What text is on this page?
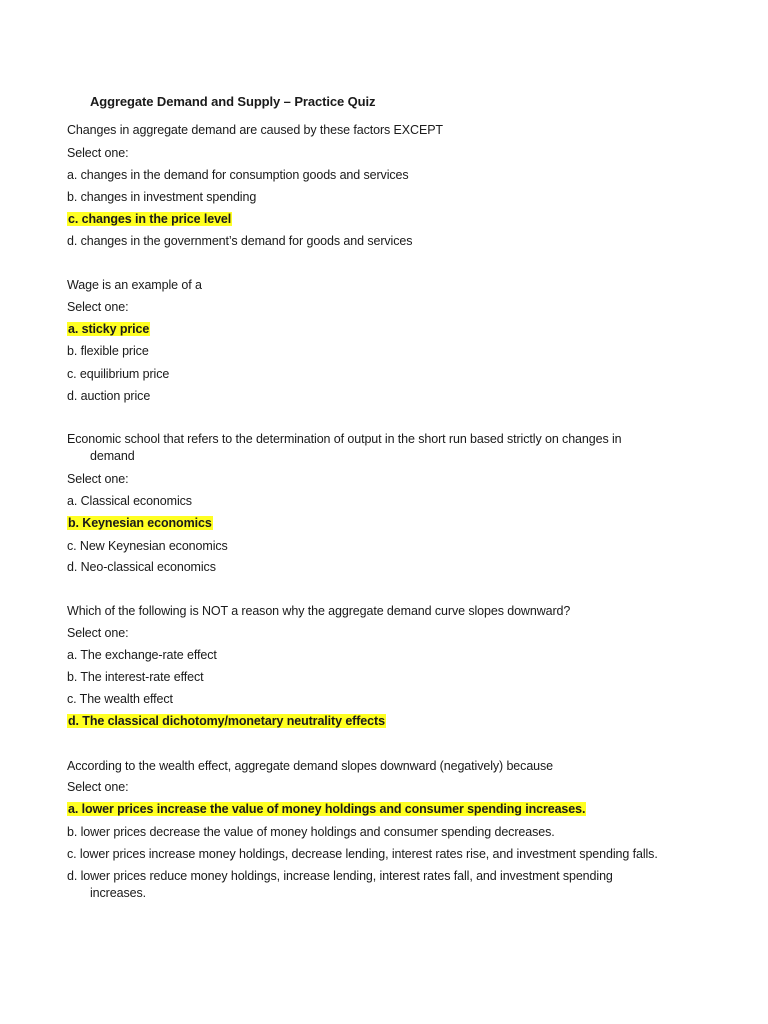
Aggregate Demand and Supply – Practice Quiz
Changes in aggregate demand are caused by these factors EXCEPT
Select one:
a. changes in the demand for consumption goods and services
b. changes in investment spending
c. changes in the price level
d. changes in the government’s demand for goods and services
Wage is an example of a
Select one:
a. sticky price
b. flexible price
c. equilibrium price
d. auction price
Economic school that refers to the determination of output in the short run based strictly on changes in
demand
Select one:
a. Classical economics
b. Keynesian economics
c. New Keynesian economics
d. Neo-classical economics
Which of the following is NOT a reason why the aggregate demand curve slopes downward?
Select one:
a. The exchange-rate effect
b. The interest-rate effect
c. The wealth effect
d. The classical dichotomy/monetary neutrality effects
According to the wealth effect, aggregate demand slopes downward (negatively) because
Select one:
a. lower prices increase the value of money holdings and consumer spending increases.
b. lower prices decrease the value of money holdings and consumer spending decreases.
c. lower prices increase money holdings, decrease lending, interest rates rise, and investment spending falls.
d. lower prices reduce money holdings, increase lending, interest rates fall, and investment spending
increases.
